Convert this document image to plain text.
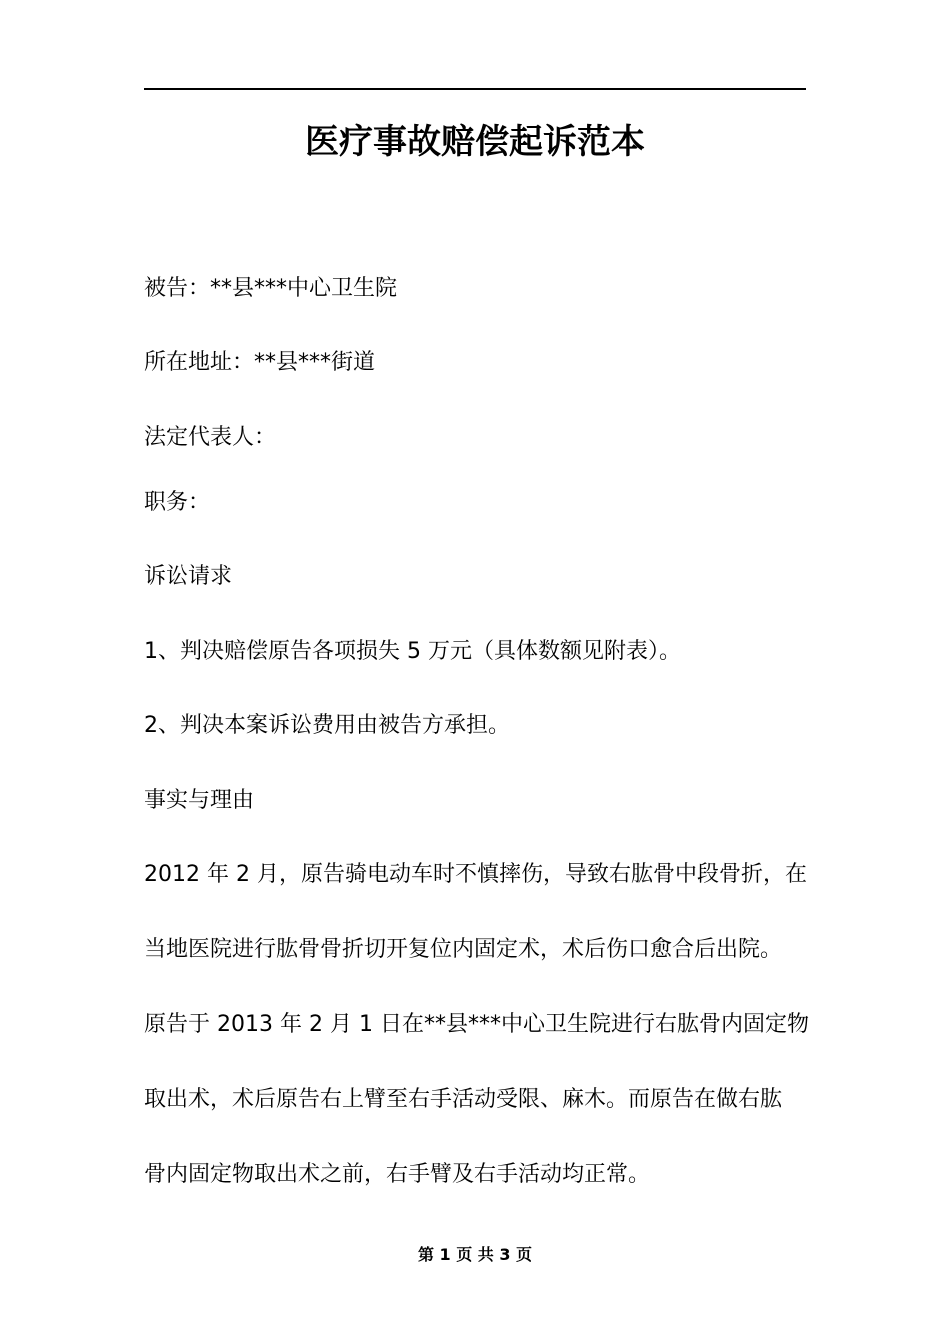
医疗事故赔偿起诉范本

被告：**县***中心卫生院

所在地址：**县***街道

法定代表人：

职务：

诉讼请求

1、判决赔偿原告各项损失 5 万元（具体数额见附表）。

2、判决本案诉讼费用由被告方承担。

事实与理由

2012 年 2 月，原告骑电动车时不慎摔伤，导致右肱骨中段骨折，在

当地医院进行肱骨骨折切开复位内固定术，术后伤口愈合后出院。

原告于 2013 年 2 月 1 日在**县***中心卫生院进行右肱骨内固定物

取出术，术后原告右上臂至右手活动受限、麻木。而原告在做右肱

骨内固定物取出术之前，右手臂及右手活动均正常。

第 1 页 共 3 页
